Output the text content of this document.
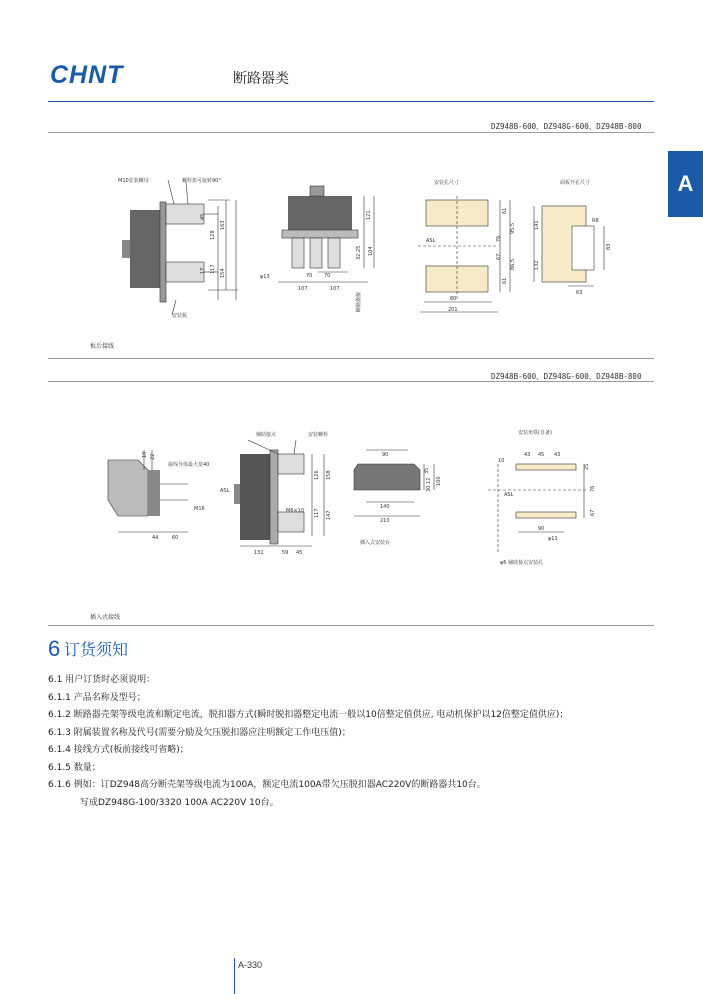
CHNT	断路器类
A
DZ948B-600、DZ948G-600、DZ948B-800
M10安装螺母	螺栓扭可旋转90°
安装板
45
128
163
17 117 154
121
32.25 104
70 70
107	107
φ13
断路器接
安装孔尺寸
ASL
61
95.5
76
67
86.5
61
80
201
面板开孔尺寸
141	R8
83
132
63
板后接线
DZ948B-600、DZ948G-600、DZ948B-800
10 22
44	60
接线导体最大宽40
M16
辅助接点	安装螺栓
ASL
M6×10
126 158
117 147
131	59 45
90
35
30.12 100
140
210
插入式安装台
安装角铁(自备)
10
43 45 43
25
76
67
90
φ11
ASL
φ6 辅助接点安装孔
插入式接线
6 订货须知
6.1 用户订货时必须说明：
6.1.1 产品名称及型号；
6.1.2 断路器壳架等级电流和额定电流，脱扣器方式(瞬时脱扣器整定电流一般以10倍整定值供应, 电动机保护以12倍整定值供应)；
6.1.3 附属装置名称及代号(需要分励及欠压脱扣器应注明额定工作电压值)；
6.1.4 接线方式(板前接线可省略)；
6.1.5 数量；
6.1.6 例如：订DZ948高分断壳架等级电流为100A，额定电流100A带欠压脱扣器AC220V的断路器共10台。
写成DZ948G-100/3320 100A AC220V 10台。
A-330
